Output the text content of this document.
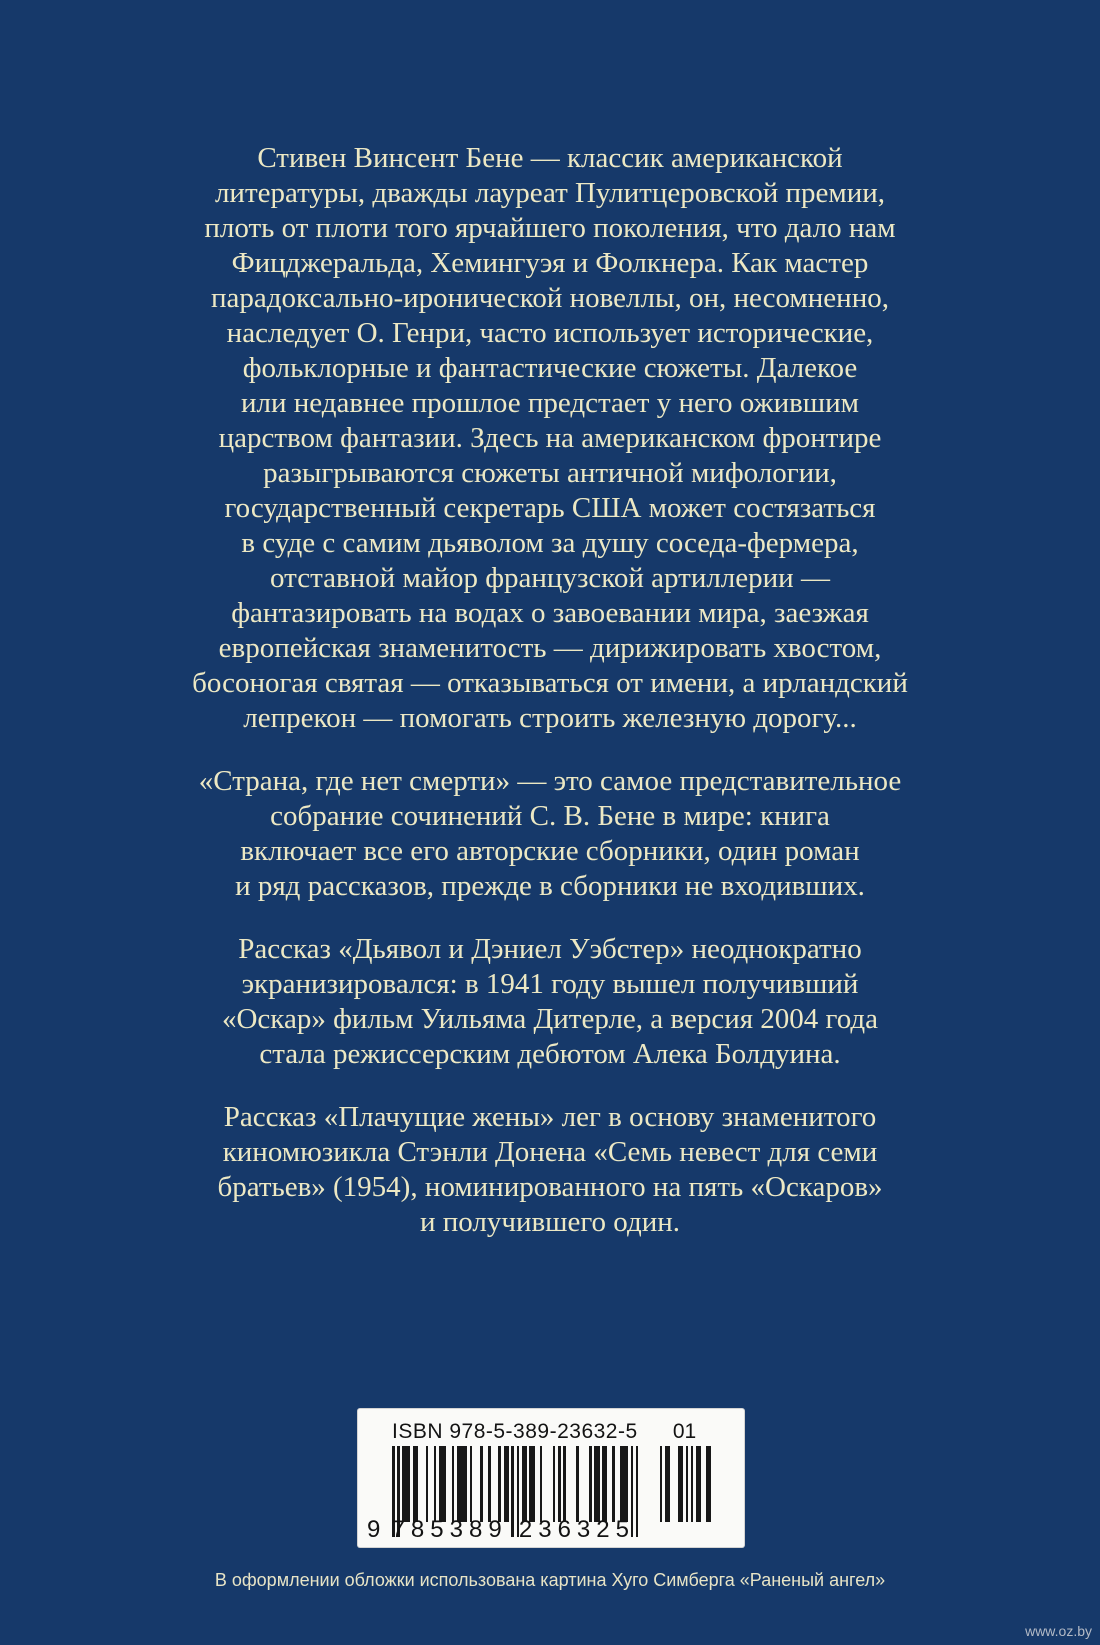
Стивен Винсент Бене — классик американской
литературы, дважды лауреат Пулитцеровской премии,
плоть от плоти того ярчайшего поколения, что дало нам
Фицджеральда, Хемингуэя и Фолкнера. Как мастер
парадоксально-иронической новеллы, он, несомненно,
наследует О. Генри, часто использует исторические,
фольклорные и фантастические сюжеты. Далекое
или недавнее прошлое предстает у него ожившим
царством фантазии. Здесь на американском фронтире
разыгрываются сюжеты античной мифологии,
государственный секретарь США может состязаться
в суде с самим дьяволом за душу соседа-фермера,
отставной майор французской артиллерии —
фантазировать на водах о завоевании мира, заезжая
европейская знаменитость — дирижировать хвостом,
босоногая святая — отказываться от имени, а ирландский
лепрекон — помогать строить железную дорогу...
«Страна, где нет смерти» — это самое представительное
собрание сочинений С. В. Бене в мире: книга
включает все его авторские сборники, один роман
и ряд рассказов, прежде в сборники не входивших.
Рассказ «Дьявол и Дэниел Уэбстер» неоднократно
экранизировался: в 1941 году вышел получивший
«Оскар» фильм Уильяма Дитерле, а версия 2004 года
стала режиссерским дебютом Алека Болдуина.
Рассказ «Плачущие жены» лег в основу знаменитого
киномюзикла Стэнли Донена «Семь невест для семи
братьев» (1954), номинированного на пять «Оскаров»
и получившего один.
ISBN 978-5-389-23632-5	01
9 785389 236325
В оформлении обложки использована картина Хуго Симберга «Раненый ангел»
www.oz.by
